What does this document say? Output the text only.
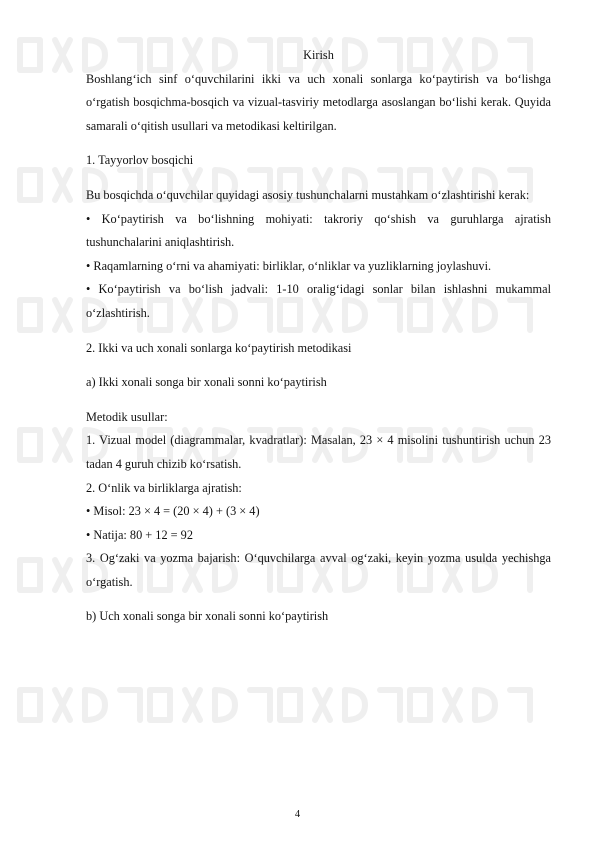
Kirish
Boshlang‘ich sinf o‘quvchilarini ikki va uch xonali sonlarga ko‘paytirish va bo‘lishga o‘rgatish bosqichma-bosqich va vizual-tasviriy metodlarga asoslangan bo‘lishi kerak. Quyida samarali o‘qitish usullari va metodikasi keltirilgan.
1. Tayyorlov bosqichi
Bu bosqichda o‘quvchilar quyidagi asosiy tushunchalarni mustahkam o‘zlashtirishi kerak:
• Ko‘paytirish va bo‘lishning mohiyati: takroriy qo‘shish va guruhlarga ajratish tushunchalarini aniqlashtirish.
• Raqamlarning o‘rni va ahamiyati: birliklar, o‘nliklar va yuzliklarning joylashuvi.
• Ko‘paytirish va bo‘lish jadvali: 1-10 oralig‘idagi sonlar bilan ishlashni mukammal o‘zlashtirish.
2. Ikki va uch xonali sonlarga ko‘paytirish metodikasi
a) Ikki xonali songa bir xonali sonni ko‘paytirish
Metodik usullar:
1. Vizual model (diagrammalar, kvadratlar): Masalan, 23 × 4 misolini tushuntirish uchun 23 tadan 4 guruh chizib ko‘rsatish.
2. O‘nlik va birliklarga ajratish:
• Misol: 23 × 4 = (20 × 4) + (3 × 4)
• Natija: 80 + 12 = 92
3. Og‘zaki va yozma bajarish: O‘quvchilarga avval og‘zaki, keyin yozma usulda yechishga o‘rgatish.
b) Uch xonali songa bir xonali sonni ko‘paytirish
4
